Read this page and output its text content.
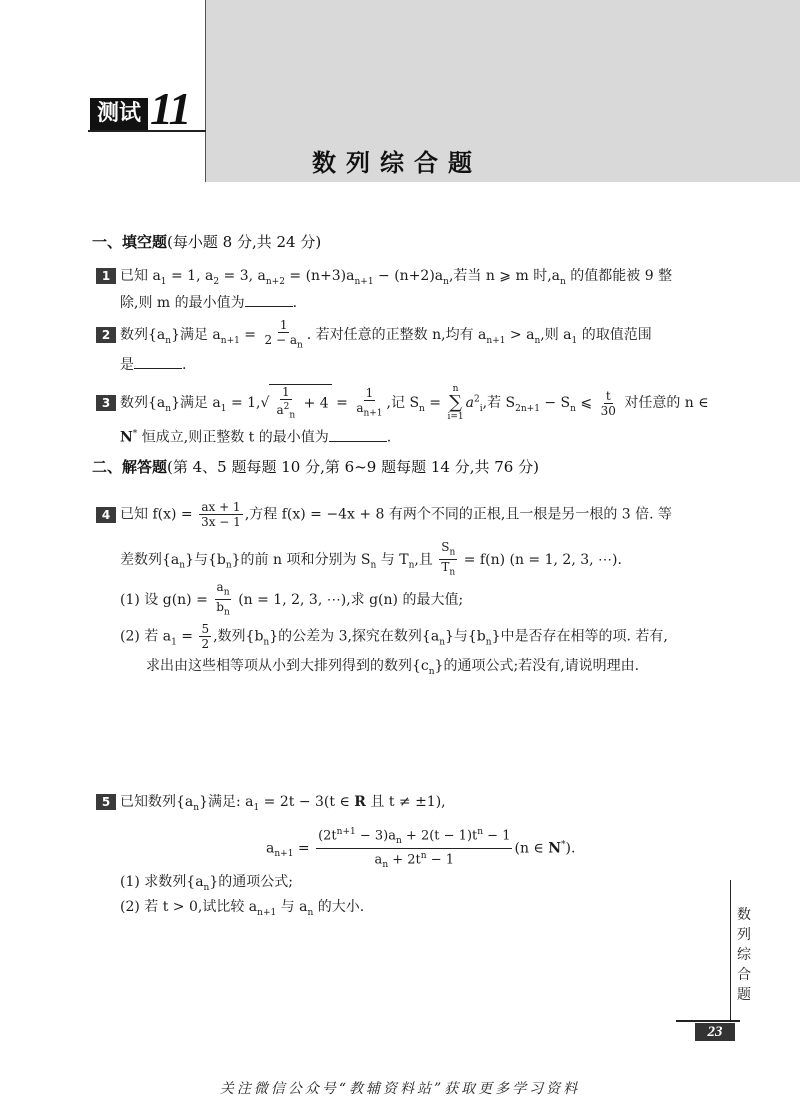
测试 11
数列综合题
一、填空题(每小题 8 分,共 24 分)
1 已知 $a_1 = 1$, $a_2 = 3$, $a_{n+2} = (n+3)a_{n+1} - (n+2)a_n$,若当 n ⩾ m 时$,a_n$ 的值都能被 9 整
除,则 m 的最小值为	.
2 数列$\{a_n\}$满足 $a_{n+1} = \frac{1}{2 - a_n}$ . 若对任意的正整数 n,均有 $a_{n+1} > a_n$,则 $a_1$ 的取值范围
是	.
3 数列$\{a_n\}$满足 $a_1 = 1,√ \frac{1}{a^2_n} + 4 = \frac{1}{a_{n+1}}$ ,记 $S_n$ =
n
∑
i=1
$a^2_i$,若 $S_{2n+1} - S_n$ ⩽ $\frac{t}{30}$ 对任意的 n ∈
N* 恒成立,则正整数 t 的最小值为	.
二、解答题(第 4、5 题每题 10 分,第 6~9 题每题 14 分,共 76 分)
4 已知 $f(x) = \frac{ax + 1}{3x - 1}$ ,方程 f(x) = −4x + 8 有两个不同的正根,且一根是另一根的 3 倍. 等
差数列$\{a_n\}$与$\{b_n\}$的前 n 项和分别为 $S_n$ 与 $T_n$,且 $\frac{S_n}{T_n} = f(n) (n = 1$, 2, 3, ⋯).
(1) 设 $g(n) = \frac{a_n}{b_n} (n = 1$, 2, 3, ⋯),求 g(n) 的最大值;
(2) 若 $a_1 = \frac{5}{2}$ ,数列$\{b_n\}$的公差为 3,探究在数列$\{a_n\}$与$\{b_n\}$中是否存在相等的项. 若有,
求出由这些相等项从小到大排列得到的数列$\{c_n\}$的通项公式;若没有,请说明理由.
5 已知数列$\{a_n\}$满足: $a_1 = 2t - 3(t$ ∈ R 且 t ≠ ±1),
$a_{n+1} = \frac{(2t^{n+1} - 3)a_n + 2(t - 1)t^n - 1}{a_n + 2t^n - 1} (n$ ∈ N*).
(1) 求数列$\{a_n\}$的通项公式;
(2) 若 t > 0,试比较 $a_{n+1}$ 与 $a_n$ 的大小.	数列综合题
23
关注微信公众号“教辅资料站”获取更多学习资料
